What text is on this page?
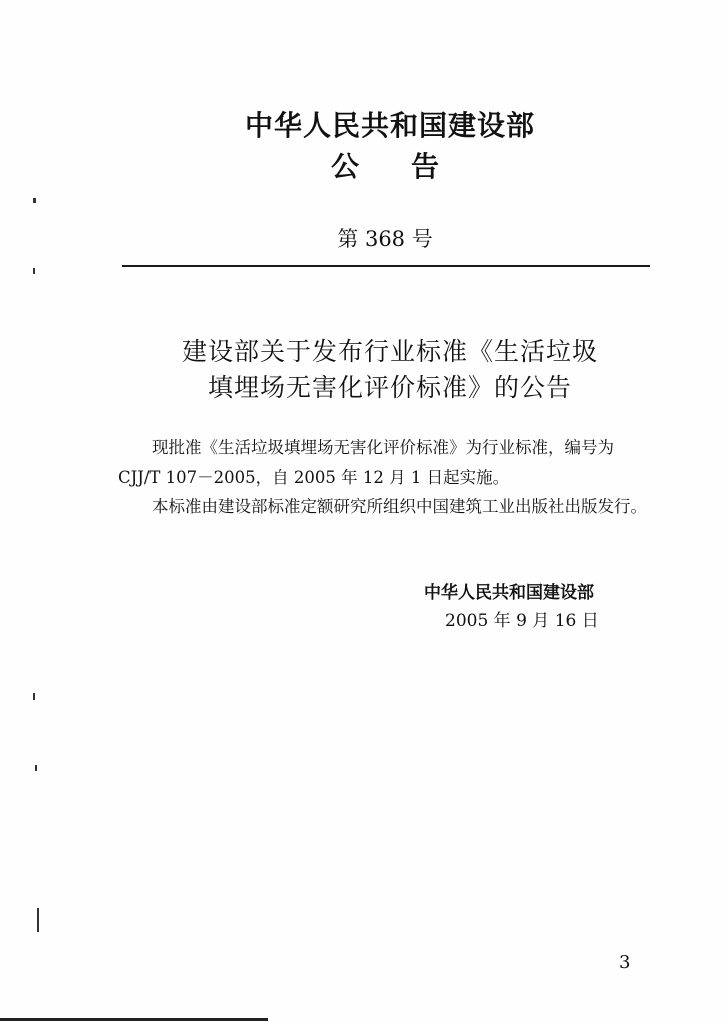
中华人民共和国建设部
公 告
第 368 号
建设部关于发布行业标准《生活垃圾
填埋场无害化评价标准》的公告
现批准《生活垃圾填埋场无害化评价标准》为行业标准，编号为 CJJ/T 107－2005，自 2005 年 12 月 1 日起实施。
本标准由建设部标准定额研究所组织中国建筑工业出版社出版发行。
中华人民共和国建设部
2005 年 9 月 16 日
3
